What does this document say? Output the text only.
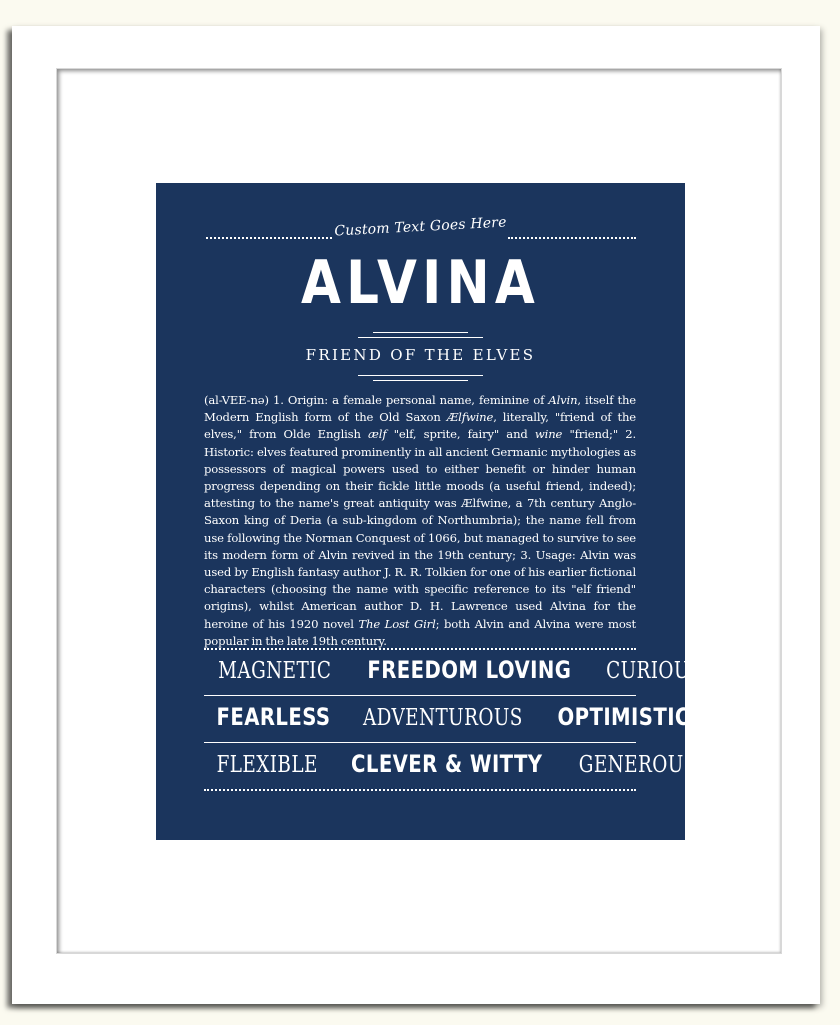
Custom Text Goes Here
ALVINA
FRIEND OF THE ELVES
(al-VEE-nə) 1. Origin: a female personal name, feminine of Alvin, itself the Modern English form of the Old Saxon Ælfwine, literally, "friend of the elves," from Olde English ælf "elf, sprite, fairy" and wine "friend;" 2. Historic: elves featured prominently in all ancient Germanic mythologies as possessors of magical powers used to either benefit or hinder human progress depending on their fickle little moods (a useful friend, indeed); attesting to the name's great antiquity was Ælfwine, a 7th century Anglo-Saxon king of Deria (a sub-kingdom of Northumbria); the name fell from use following the Norman Conquest of 1066, but managed to survive to see its modern form of Alvin revived in the 19th century; 3. Usage: Alvin was used by English fantasy author J. R. R. Tolkien for one of his earlier fictional characters (choosing the name with specific reference to its "elf friend" origins), whilst American author D. H. Lawrence used Alvina for the heroine of his 1920 novel The Lost Girl; both Alvin and Alvina were most popular in the late 19th century.
MAGNETIC FREEDOM LOVING CURIOUS
FEARLESS ADVENTUROUS OPTIMISTIC
FLEXIBLE CLEVER & WITTY GENEROUS
